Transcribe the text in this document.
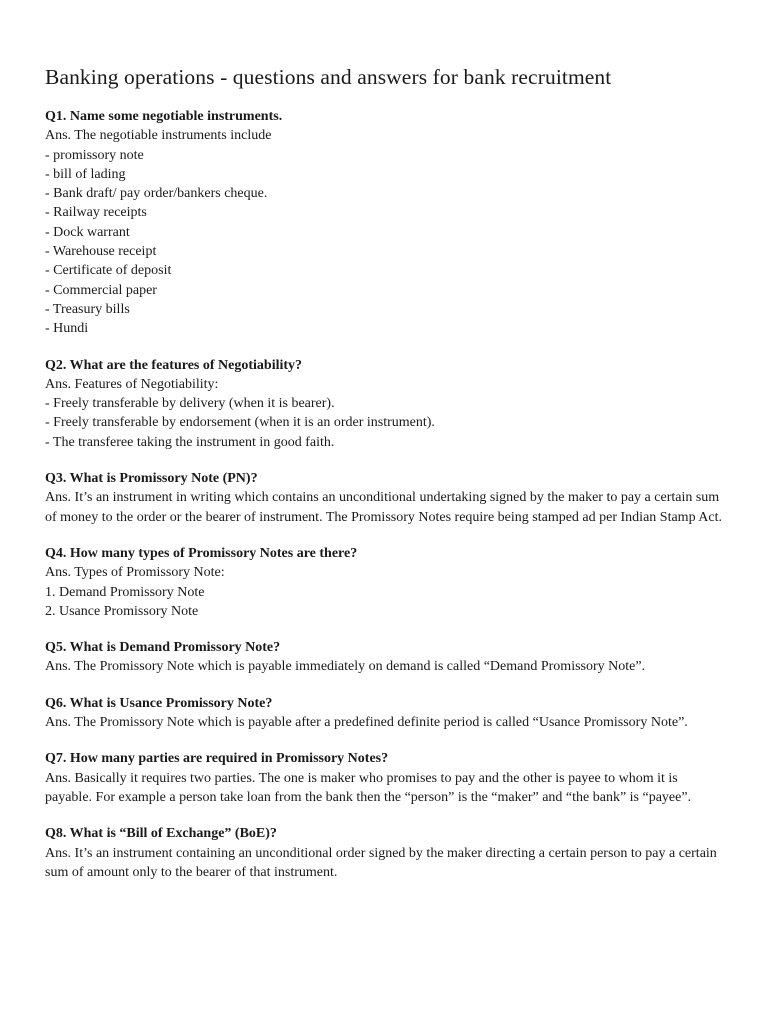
Banking operations - questions and answers for bank recruitment
Q1. Name some negotiable instruments.
Ans. The negotiable instruments include
- promissory note
- bill of lading
- Bank draft/ pay order/bankers cheque.
- Railway receipts
- Dock warrant
- Warehouse receipt
- Certificate of deposit
- Commercial paper
- Treasury bills
- Hundi
Q2. What are the features of Negotiability?
Ans. Features of Negotiability:
- Freely transferable by delivery (when it is bearer).
- Freely transferable by endorsement (when it is an order instrument).
- The transferee taking the instrument in good faith.
Q3. What is Promissory Note (PN)?
Ans. It’s an instrument in writing which contains an unconditional undertaking signed by the maker to pay a certain sum of money to the order or the bearer of instrument. The Promissory Notes require being stamped ad per Indian Stamp Act.
Q4. How many types of Promissory Notes are there?
Ans. Types of Promissory Note:
1. Demand Promissory Note
2. Usance Promissory Note
Q5. What is Demand Promissory Note?
Ans. The Promissory Note which is payable immediately on demand is called “Demand Promissory Note”.
Q6. What is Usance Promissory Note?
Ans. The Promissory Note which is payable after a predefined definite period is called “Usance Promissory Note”.
Q7. How many parties are required in Promissory Notes?
Ans. Basically it requires two parties. The one is maker who promises to pay and the other is payee to whom it is payable. For example a person take loan from the bank then the “person” is the “maker” and “the bank” is “payee”.
Q8. What is “Bill of Exchange” (BoE)?
Ans. It’s an instrument containing an unconditional order signed by the maker directing a certain person to pay a certain sum of amount only to the bearer of that instrument.
